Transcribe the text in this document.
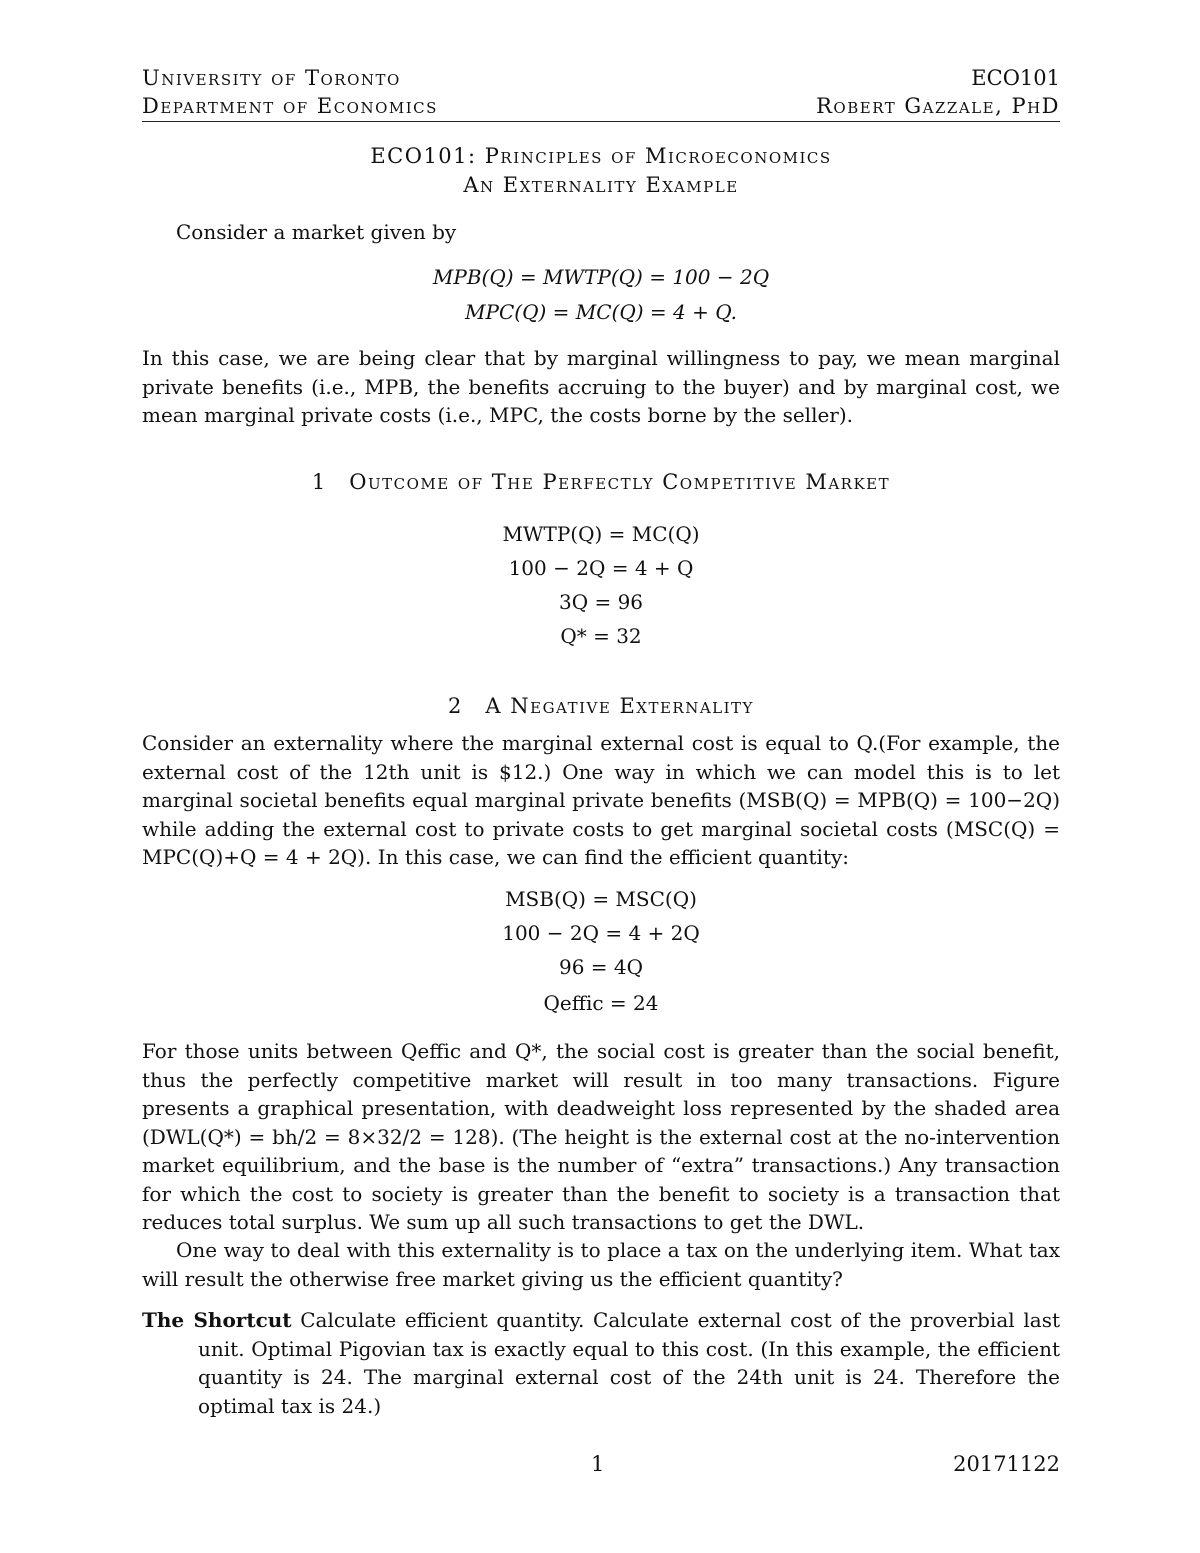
University of Toronto
Department of Economics
ECO101
Robert Gazzale, PhD
ECO101: Principles of Microeconomics
An Externality Example
Consider a market given by
MPB(Q) = MWTP(Q) = 100 − 2Q
MPC(Q) = MC(Q) = 4 + Q.
In this case, we are being clear that by marginal willingness to pay, we mean marginal private benefits (i.e., MPB, the benefits accruing to the buyer) and by marginal cost, we mean marginal private costs (i.e., MPC, the costs borne by the seller).
1 Outcome of The Perfectly Competitive Market
MWTP(Q) = MC(Q)
100 − 2Q = 4 + Q
3Q = 96
Q* = 32
2 A Negative Externality
Consider an externality where the marginal external cost is equal to Q.(For example, the external cost of the 12th unit is $12.) One way in which we can model this is to let marginal societal benefits equal marginal private benefits (MSB(Q) = MPB(Q) = 100−2Q) while adding the external cost to private costs to get marginal societal costs (MSC(Q) = MPC(Q)+Q = 4 + 2Q). In this case, we can find the efficient quantity:
MSB(Q) = MSC(Q)
100 − 2Q = 4 + 2Q
96 = 4Q
Qeffic = 24
For those units between Qeffic and Q*, the social cost is greater than the social benefit, thus the perfectly competitive market will result in too many transactions. Figure presents a graphical presentation, with deadweight loss represented by the shaded area (DWL(Q*) = bh/2 = 8×32/2 = 128). (The height is the external cost at the no-intervention market equilibrium, and the base is the number of “extra” transactions.) Any transaction for which the cost to society is greater than the benefit to society is a transaction that reduces total surplus. We sum up all such transactions to get the DWL.
One way to deal with this externality is to place a tax on the underlying item. What tax will result the otherwise free market giving us the efficient quantity?
The Shortcut Calculate efficient quantity. Calculate external cost of the proverbial last unit. Optimal Pigovian tax is exactly equal to this cost. (In this example, the efficient quantity is 24. The marginal external cost of the 24th unit is 24. Therefore the optimal tax is 24.)
1	20171122
